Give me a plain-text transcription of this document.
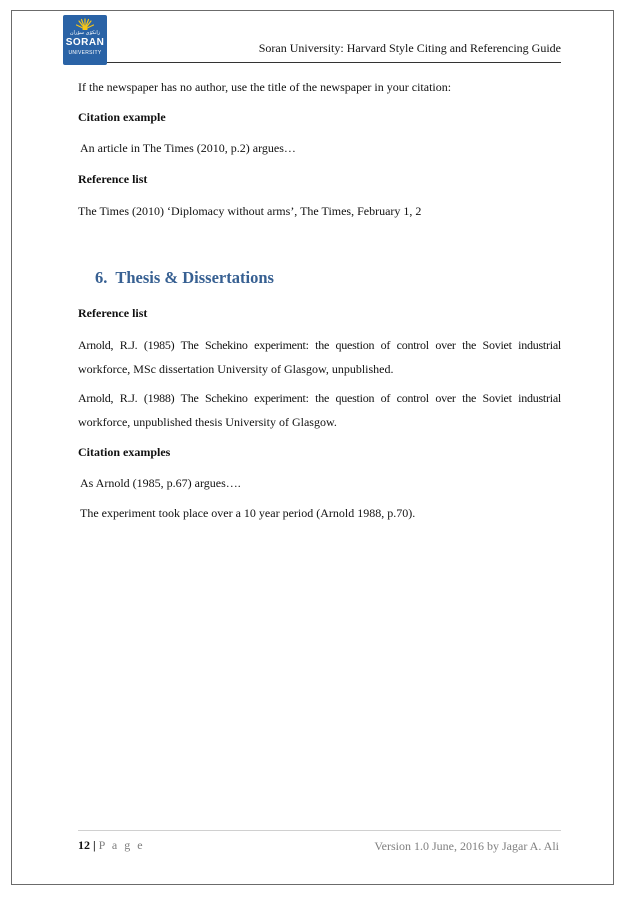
زانكۆی سۆران
SORAN
UNIVERSITY	Soran University: Harvard Style Citing and Referencing Guide
If the newspaper has no author, use the title of the newspaper in your citation:
Citation example
An article in The Times (2010, p.2) argues…
Reference list
The Times (2010) ‘Diplomacy without arms’, The Times, February 1, 2
6. Thesis & Dissertations
Reference list
Arnold, R.J. (1985) The Schekino experiment: the question of control over the Soviet industrial
workforce, MSc dissertation University of Glasgow, unpublished.
Arnold, R.J. (1988) The Schekino experiment: the question of control over the Soviet industrial
workforce, unpublished thesis University of Glasgow.
Citation examples
As Arnold (1985, p.67) argues….
The experiment took place over a 10 year period (Arnold 1988, p.70).
12 | P a g e	Version 1.0 June, 2016 by Jagar A. Ali
